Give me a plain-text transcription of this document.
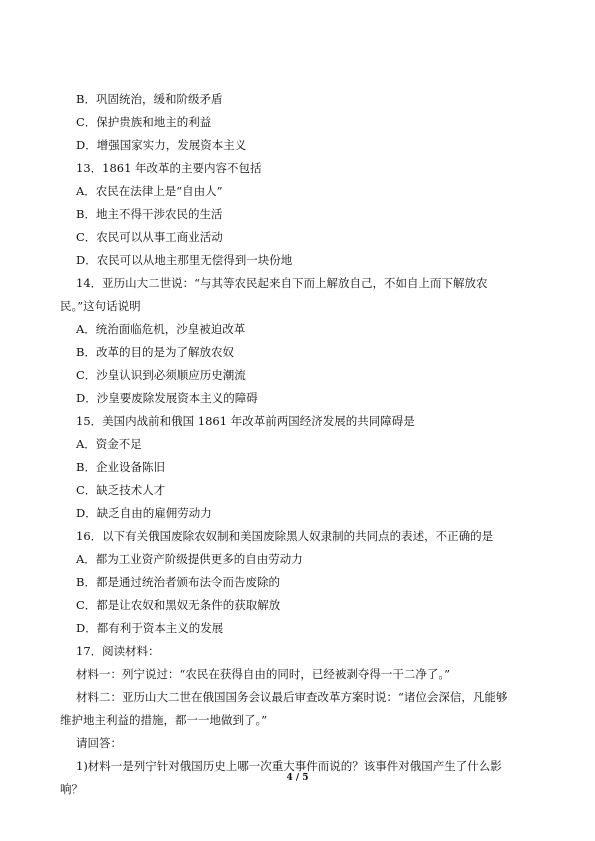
B．巩固统治，缓和阶级矛盾
C．保护贵族和地主的利益
D．增强国家实力，发展资本主义
13．1861 年改革的主要内容不包括
A．农民在法律上是“自由人”
B．地主不得干涉农民的生活
C．农民可以从事工商业活动
D．农民可以从地主那里无偿得到一块份地
14．亚历山大二世说：“与其等农民起来自下而上解放自己，不如自上而下解放农
民。”这句话说明
A．统治面临危机，沙皇被迫改革
B．改革的目的是为了解放农奴
C．沙皇认识到必须顺应历史潮流
D．沙皇要废除发展资本主义的障碍
15．美国内战前和俄国 1861 年改革前两国经济发展的共同障碍是
A．资金不足
B．企业设备陈旧
C．缺乏技术人才
D．缺乏自由的雇佣劳动力
16．以下有关俄国废除农奴制和美国废除黑人奴隶制的共同点的表述，不正确的是
A．都为工业资产阶级提供更多的自由劳动力
B．都是通过统治者颁布法令而告废除的
C．都是让农奴和黑奴无条件的获取解放
D．都有利于资本主义的发展
17．阅读材料：
材料一：列宁说过：“农民在获得自由的同时，已经被剥夺得一干二净了。”
材料二：亚历山大二世在俄国国务会议最后审查改革方案时说：“诸位会深信，凡能够
维护地主利益的措施，都一一地做到了。”
请回答：
1)材料一是列宁针对俄国历史上哪一次重大事件而说的？该事件对俄国产生了什么影
响？
4 / 5
